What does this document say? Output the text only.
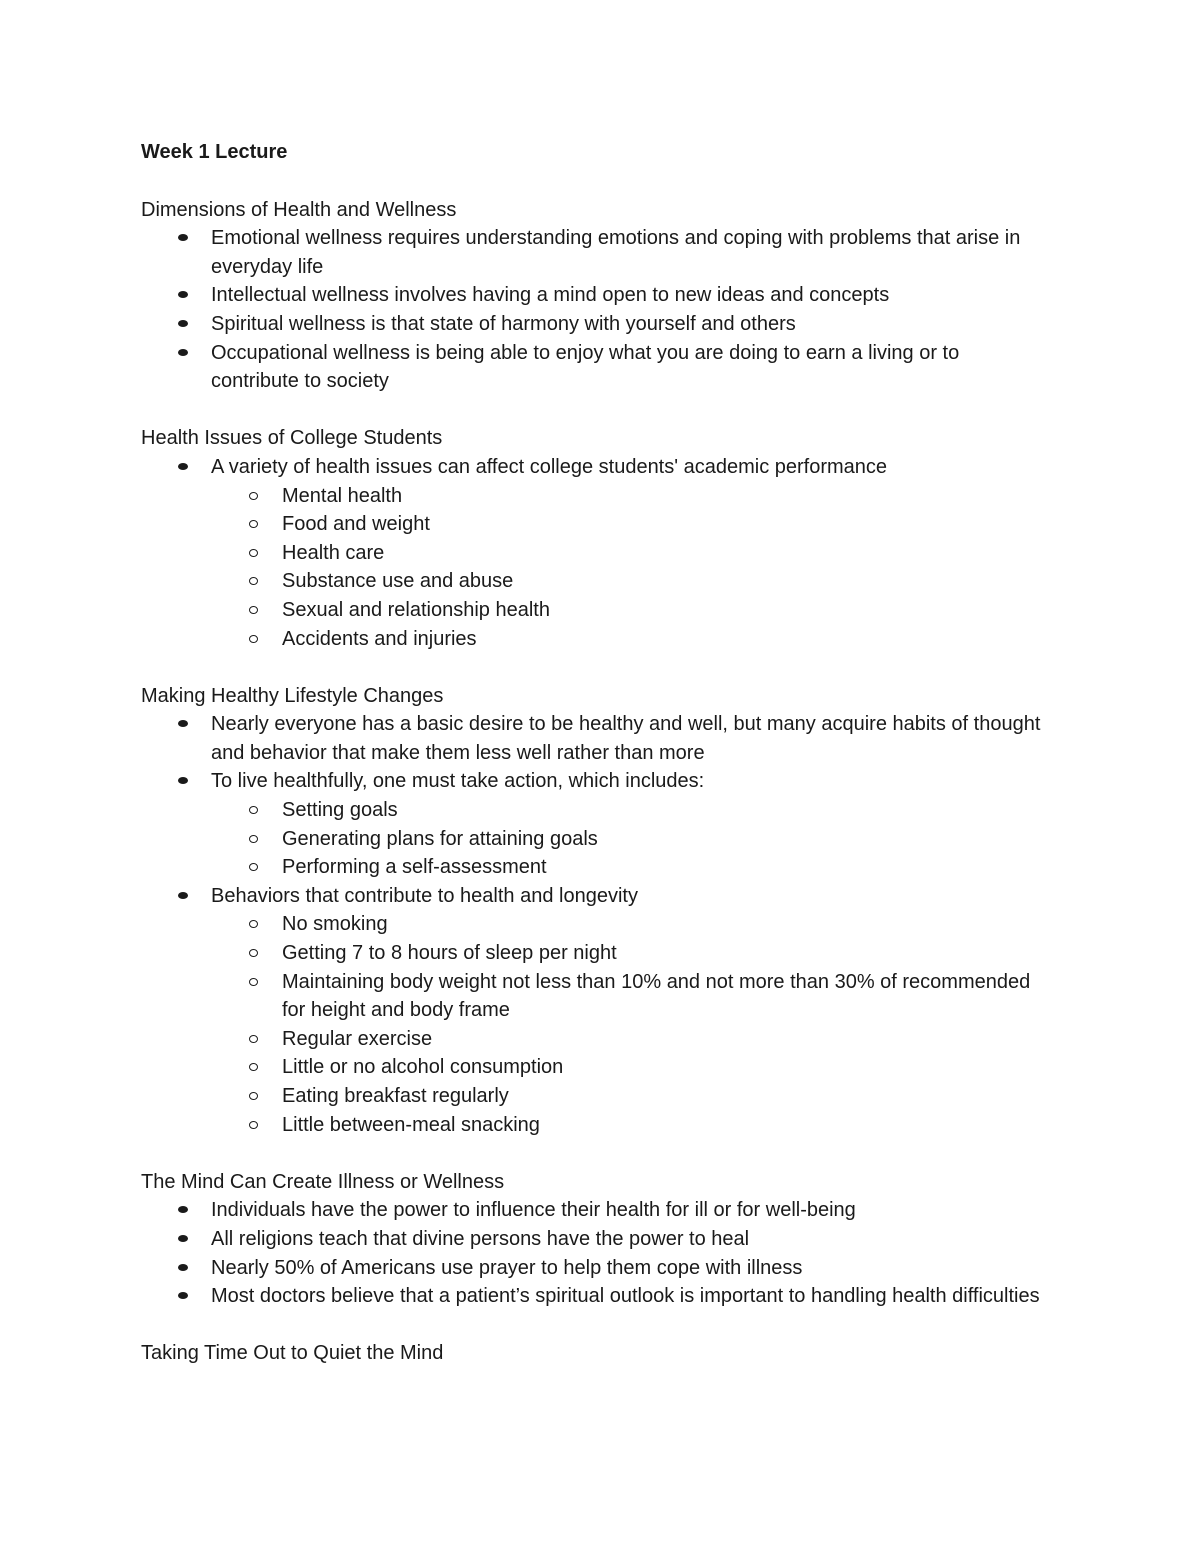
Week 1 Lecture
Dimensions of Health and Wellness
Emotional wellness requires understanding emotions and coping with problems that arise in everyday life
Intellectual wellness involves having a mind open to new ideas and concepts
Spiritual wellness is that state of harmony with yourself and others
Occupational wellness is being able to enjoy what you are doing to earn a living or to contribute to society
Health Issues of College Students
A variety of health issues can affect college students' academic performance
Mental health
Food and weight
Health care
Substance use and abuse
Sexual and relationship health
Accidents and injuries
Making Healthy Lifestyle Changes
Nearly everyone has a basic desire to be healthy and well, but many acquire habits of thought and behavior that make them less well rather than more
To live healthfully, one must take action, which includes:
Setting goals
Generating plans for attaining goals
Performing a self-assessment
Behaviors that contribute to health and longevity
No smoking
Getting 7 to 8 hours of sleep per night
Maintaining body weight not less than 10% and not more than 30% of recommended for height and body frame
Regular exercise
Little or no alcohol consumption
Eating breakfast regularly
Little between-meal snacking
The Mind Can Create Illness or Wellness
Individuals have the power to influence their health for ill or for well-being
All religions teach that divine persons have the power to heal
Nearly 50% of Americans use prayer to help them cope with illness
Most doctors believe that a patient’s spiritual outlook is important to handling health difficulties
Taking Time Out to Quiet the Mind
